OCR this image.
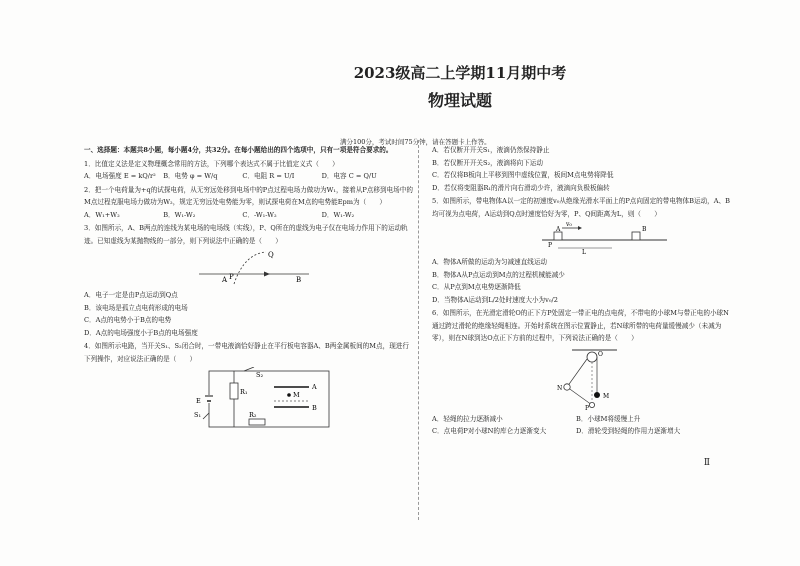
2023级高二上学期11月期中考
物理试题
满分100分，考试时间75分钟，请在答题卡上作答。
一、选择题：本题共8小题，每小题4分，共32分。在每小题给出的四个选项中，只有一项是符合要求的。
1．比值定义法是定义物理概念常用的方法，下列哪个表达式不属于比值定义式（　　）
A．电场强度 E = kQ/r²	B．电势 φ = W/q	C．电阻 R = U/I	D．电容 C = Q/U
2．把一个电荷量为+q的试探电荷，从无穷远处移到电场中的P点过程电场力做功为W₁，接着从P点移到电场中的M点过程克服电场力做功为W₂，规定无穷远处电势能为零，则试探电荷在M点的电势能Epm为（　　）
A．W₁+W₂	B．W₁-W₂	C．-W₁-W₂	D．W₁-W₂
3．如图所示，A、B两点的连线为某电场的电场线（实线），P、Q所在的虚线为电子仅在电场力作用下的运动轨迹。已知虚线为某抛物线的一部分，则下列说法中正确的是（　　）
A	B
P
Q
A．电子一定是由P点运动到Q点
B．该电场是孤立点电荷形成的电场
C．A点的电势小于B点的电势
D．A点的电场强度小于B点的电场强度
4．如图所示电路，当开关S₁、S₂闭合时，一带电液滴恰好静止在平行板电容器A、B两金属板间的M点，现进行下列操作，对应说法正确的是（　　）
S₁
S₂
R₁
R₂
E
A
B
M
A．若仅断开开关S₁，液滴仍然保持静止
B．若仅断开开关S₂，液滴将向下运动
C．若仅将B板向上平移到图中虚线位置，板间M点电势将降低
D．若仅将变阻器R₁的滑片向右滑动少许，液滴向负极板偏转
5．如图所示，带电物体A以一定的初速度v₀从绝缘光滑水平面上的P点向固定的带电物体B运动，A、B均可视为点电荷，A运动到Q点时速度恰好为零，P、Q间距离为L，则（　　）
v₀
A	B
P
L
A．物体A所做的运动为匀减速直线运动
B．物体A从P点运动到M点的过程机械能减少
C．从P点到M点电势逐渐降低
D．当物体A运动到L/2处时速度大小为v₀/2
6．如图所示，在光滑定滑轮O的正下方P处固定一带正电的点电荷，不带电的小球M与带正电的小球N通过跨过滑轮的绝缘轻绳相连。开始时系统在图示位置静止，若N球所带的电荷量缓慢减少（未减为零），则在N球到达O点正下方前的过程中，下列说法正确的是（　　）
O
N
M
P
A．轻绳的拉力逐渐减小	B．小球M将缓慢上升
C．点电荷P对小球N的库仑力逐渐变大	D．滑轮受到轻绳的作用力逐渐增大
Ⅱ
